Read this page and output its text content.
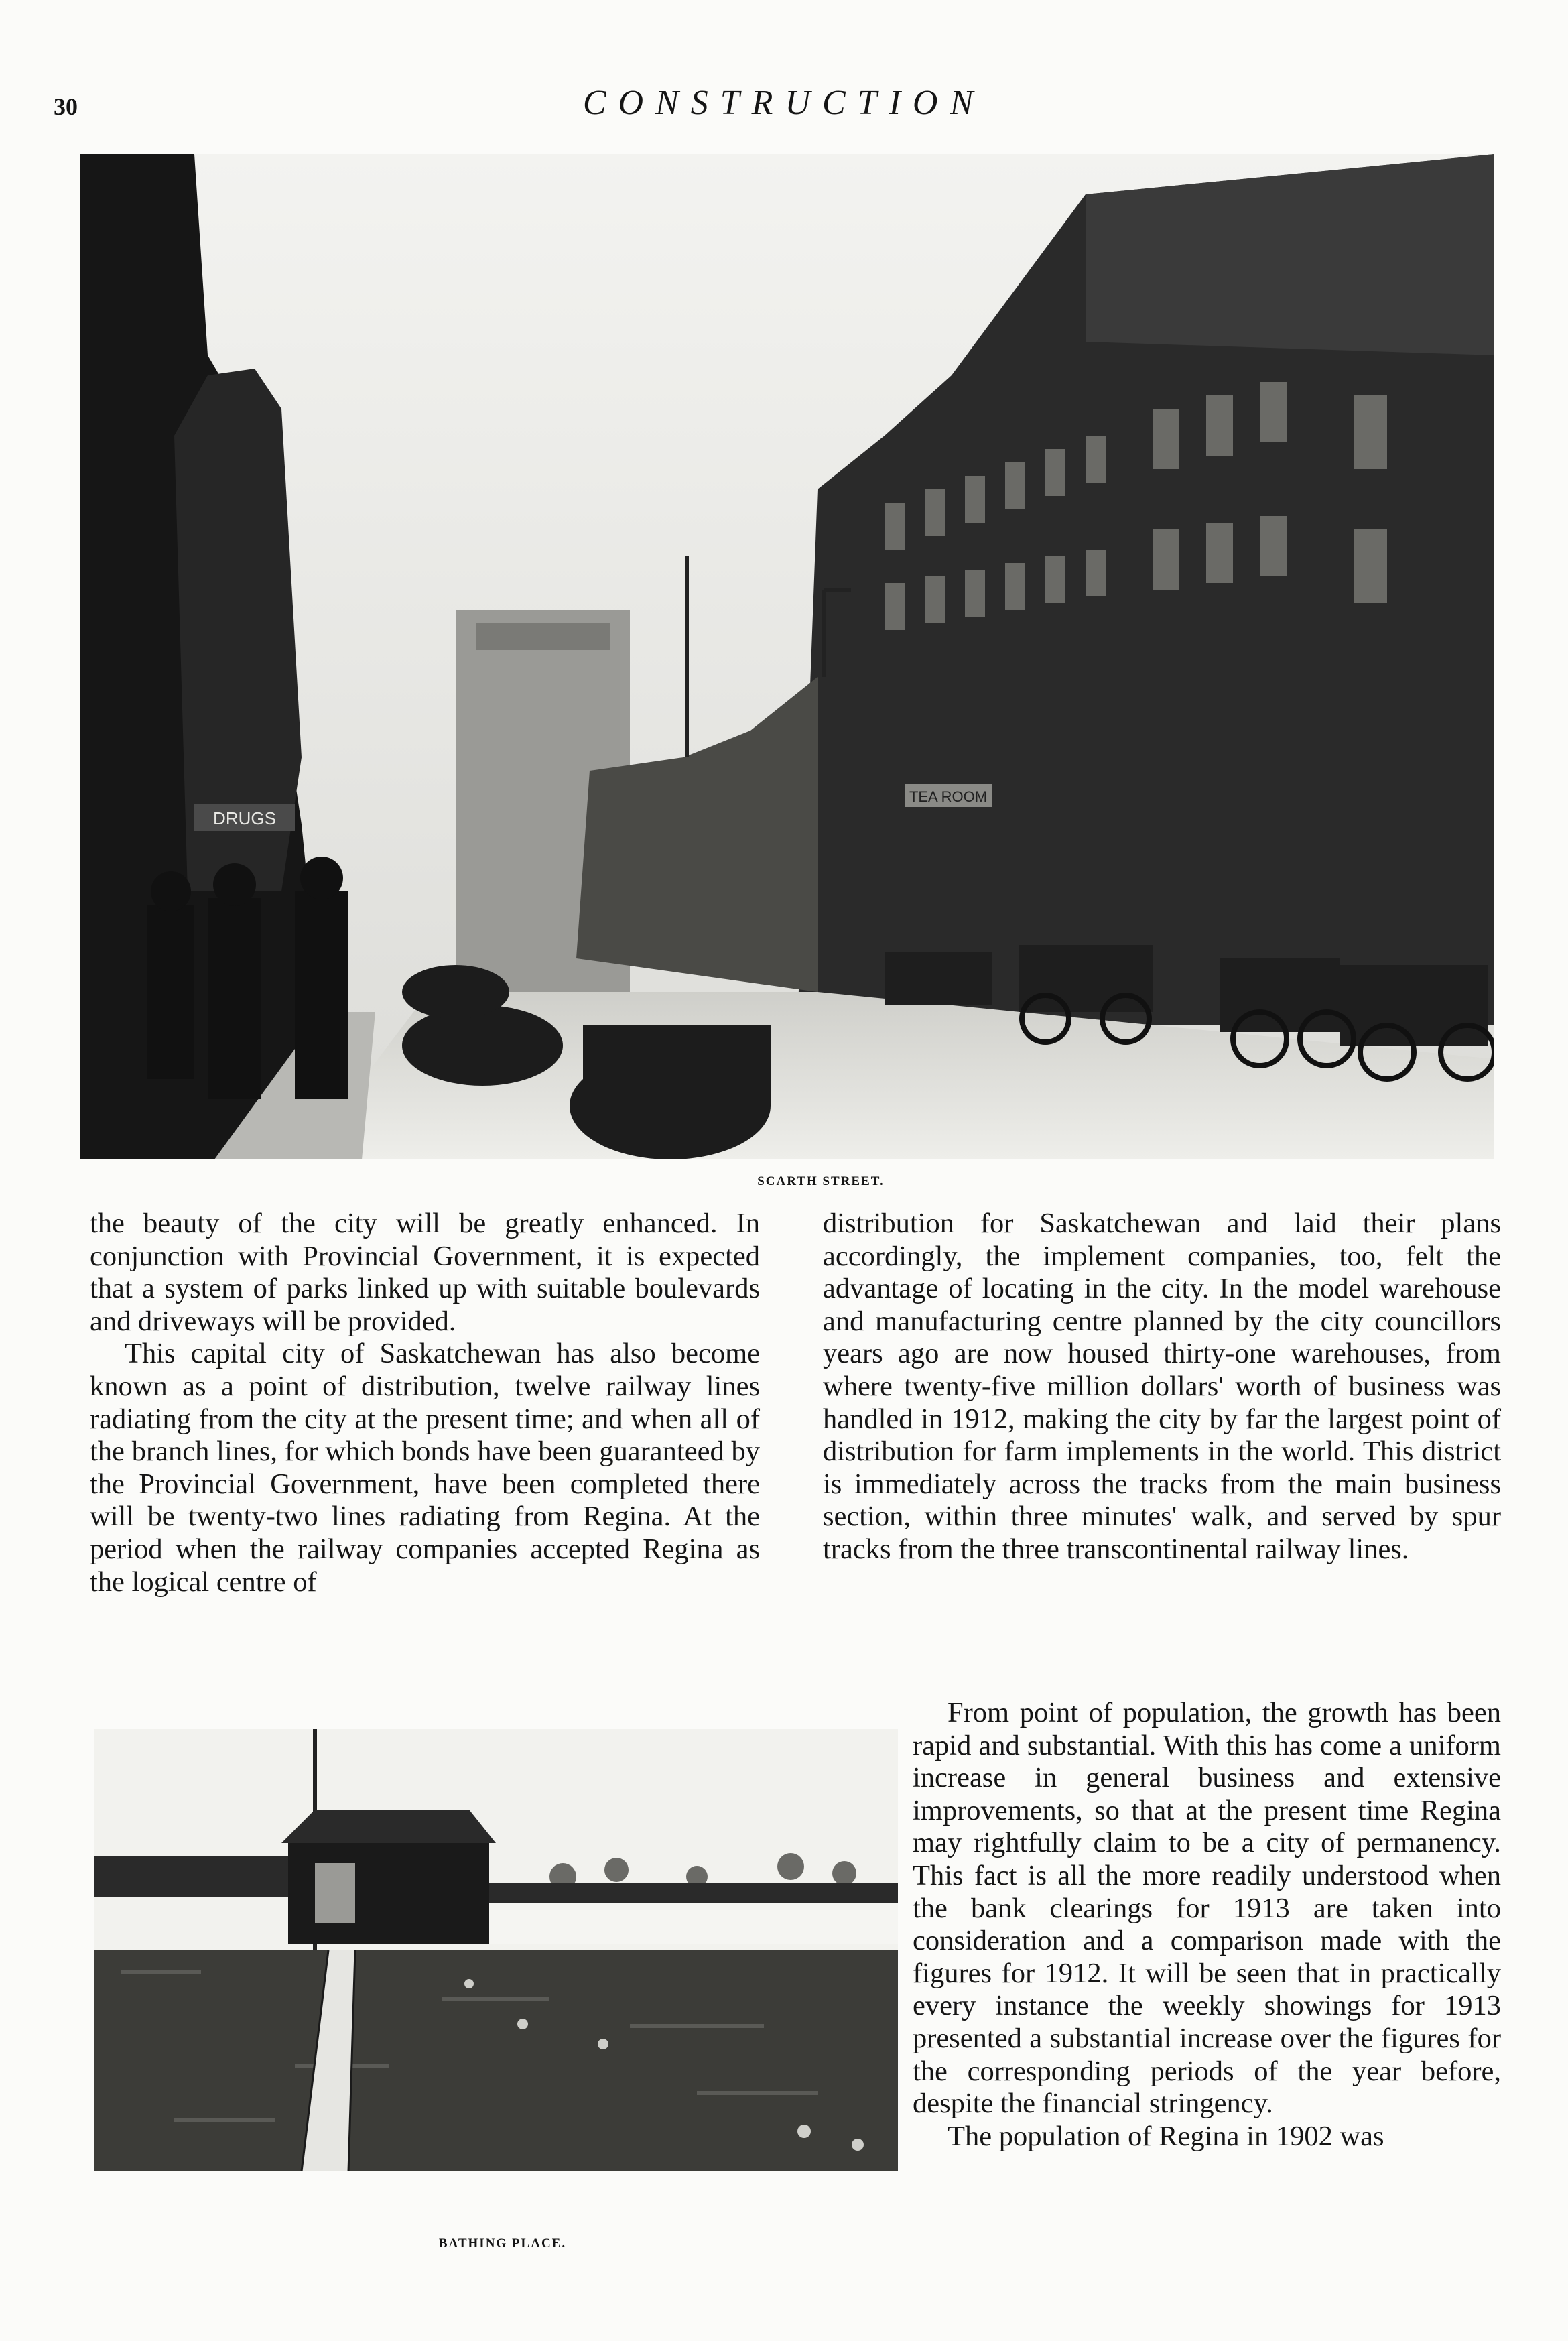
30	CONSTRUCTION
DRUGS
TEA ROOM
SCARTH STREET.

the beauty of the city will be greatly enhanced. In conjunction with Provincial Government, it is expected that a system of parks linked up with suitable boulevards and driveways will be provided.

This capital city of Saskatchewan has also become known as a point of distribution, twelve railway lines radiating from the city at the present time; and when all of the branch lines, for which bonds have been guaranteed by the Provincial Government, have been completed there will be twenty-two lines radiating from Regina. At the period when the railway companies accepted Regina as the logical centre of

distribution for Saskatchewan and laid their plans accordingly, the implement companies, too, felt the advantage of locating in the city. In the model warehouse and manufacturing centre planned by the city councillors years ago are now housed thirty-one warehouses, from where twenty-five million dollars' worth of business was handled in 1912, making the city by far the largest point of distribution for farm implements in the world. This district is immediately across the tracks from the main business section, within three minutes' walk, and served by spur tracks from the three transcontinental railway lines.

From point of population, the growth has been rapid and substantial. With this has come a uniform increase in general business and extensive improvements, so that at the present time Regina may rightfully claim to be a city of permanency. This fact is all the more readily understood when the bank clearings for 1913 are taken into consideration and a comparison made with the figures for 1912. It will be seen that in practically every instance the weekly showings for 1913 presented a substantial increase over the figures for the corresponding periods of the year before, despite the financial stringency.

The population of Regina in 1902 was

BATHING PLACE.
